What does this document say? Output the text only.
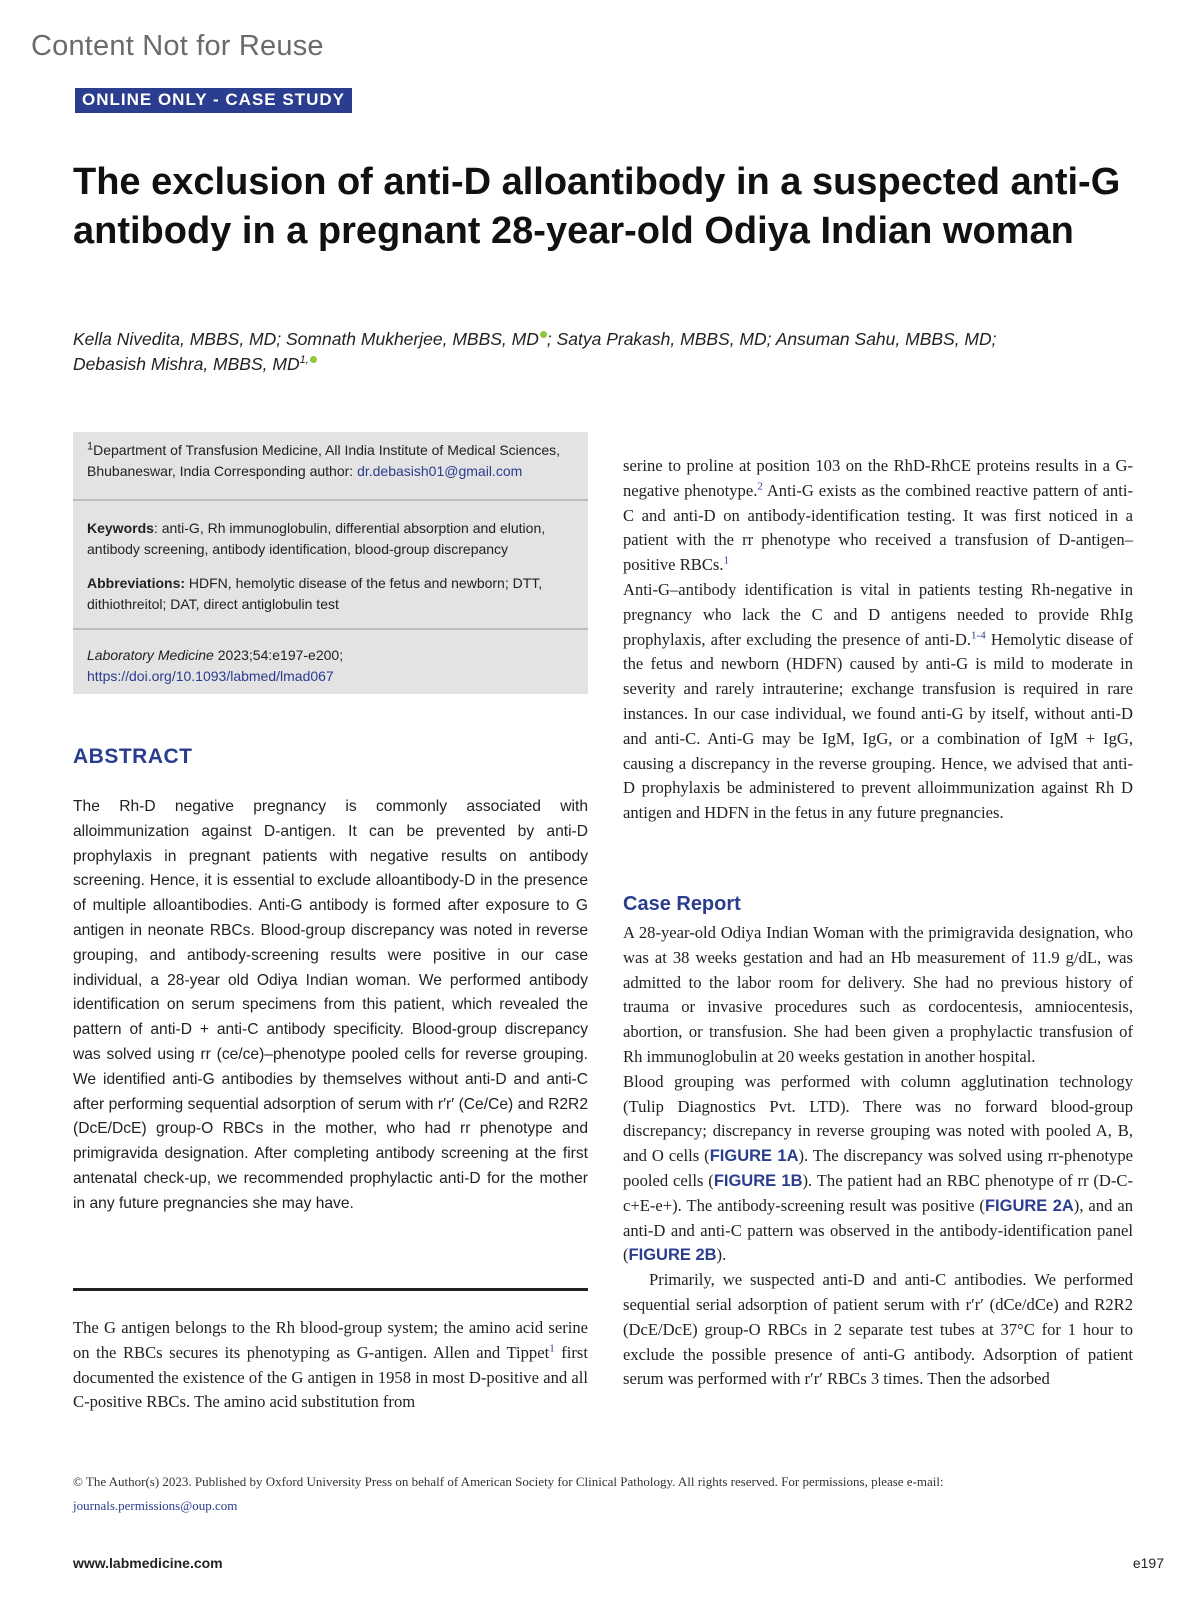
Content Not for Reuse
ONLINE ONLY - CASE STUDY
The exclusion of anti-D alloantibody in a suspected anti-G antibody in a pregnant 28-year-old Odiya Indian woman
Kella Nivedita, MBBS, MD; Somnath Mukherjee, MBBS, MD ; Satya Prakash, MBBS, MD; Ansuman Sahu, MBBS, MD;
Debasish Mishra, MBBS, $MD^{1,}$
$^1$Department of Transfusion Medicine, All India Institute of Medical Sciences, Bhubaneswar, India Corresponding author: dr.debasish01@gmail.com
Keywords: anti-G, Rh immunoglobulin, differential absorption and elution, antibody screening, antibody identification, blood-group discrepancy
Abbreviations: HDFN, hemolytic disease of the fetus and newborn; DTT, dithiothreitol; DAT, direct antiglobulin test
Laboratory Medicine 2023;54:e197-e200; https://doi.org/10.1093/labmed/lmad067
ABSTRACT

The Rh-D negative pregnancy is commonly associated with alloimmunization against D-antigen. It can be prevented by anti-D prophylaxis in pregnant patients with negative results on antibody screening. Hence, it is essential to exclude alloantibody-D in the presence of multiple alloantibodies. Anti-G antibody is formed after exposure to G antigen in neonate RBCs. Blood-group discrepancy was noted in reverse grouping, and antibody-screening results were positive in our case individual, a 28-year old Odiya Indian woman. We performed antibody identification on serum specimens from this patient, which revealed the pattern of anti-D + anti-C antibody specificity. Blood-group discrepancy was solved using rr (ce/ce)–phenotype pooled cells for reverse grouping. We identified anti-G antibodies by themselves without anti-D and anti-C after performing sequential adsorption of serum with r′r′ (Ce/Ce) and R2R2 (DcE/DcE) group-O RBCs in the mother, who had rr phenotype and primigravida designation. After completing antibody screening at the first antenatal check-up, we recommended prophylactic anti-D for the mother in any future pregnancies she may have.

The G antigen belongs to the Rh blood-group system; the amino acid serine on the RBCs secures its phenotyping as G-antigen. Allen and Tippet$^1$ first documented the existence of the G antigen in 1958 in most D-positive and all C-positive RBCs. The amino acid substitution from

serine to proline at position 103 on the RhD-RhCE proteins results in a G-negative phenotype.$^2$ Anti-G exists as the combined reactive pattern of anti-C and anti-D on antibody-identification testing. It was first noticed in a patient with the rr phenotype who received a transfusion of D-antigen–positive RBCs.$^1$

Anti-G–antibody identification is vital in patients testing Rh-negative in pregnancy who lack the C and D antigens needed to provide RhIg prophylaxis, after excluding the presence of anti-D.$^{1-4}$ Hemolytic disease of the fetus and newborn (HDFN) caused by anti-G is mild to moderate in severity and rarely intrauterine; exchange transfusion is required in rare instances. In our case individual, we found anti-G by itself, without anti-D and anti-C. Anti-G may be IgM, IgG, or a combination of IgM + IgG, causing a discrepancy in the reverse grouping. Hence, we advised that anti-D prophylaxis be administered to prevent alloimmunization against Rh D antigen and HDFN in the fetus in any future pregnancies.

Case Report

A 28-year-old Odiya Indian Woman with the primigravida designation, who was at 38 weeks gestation and had an Hb measurement of 11.9 g/dL, was admitted to the labor room for delivery. She had no previous history of trauma or invasive procedures such as cordocentesis, amniocentesis, abortion, or transfusion. She had been given a prophylactic transfusion of Rh immunoglobulin at 20 weeks gestation in another hospital.

Blood grouping was performed with column agglutination technology (Tulip Diagnostics Pvt. LTD). There was no forward blood-group discrepancy; discrepancy in reverse grouping was noted with pooled A, B, and O cells (FIGURE 1A). The discrepancy was solved using rr-phenotype pooled cells (FIGURE 1B). The patient had an RBC phenotype of rr (D-C-c+E-e+). The antibody-screening result was positive (FIGURE 2A), and an anti-D and anti-C pattern was observed in the antibody-identification panel (FIGURE 2B).

Primarily, we suspected anti-D and anti-C antibodies. We performed sequential serial adsorption of patient serum with r′r′ (dCe/dCe) and R2R2 (DcE/DcE) group-O RBCs in 2 separate test tubes at 37°C for 1 hour to exclude the possible presence of anti-G antibody. Adsorption of patient serum was performed with r′r′ RBCs 3 times. Then the adsorbed

© The Author(s) 2023. Published by Oxford University Press on behalf of American Society for Clinical Pathology. All rights reserved. For permissions, please e-mail:
journals.permissions@oup.com
www.labmedicine.com	e197
